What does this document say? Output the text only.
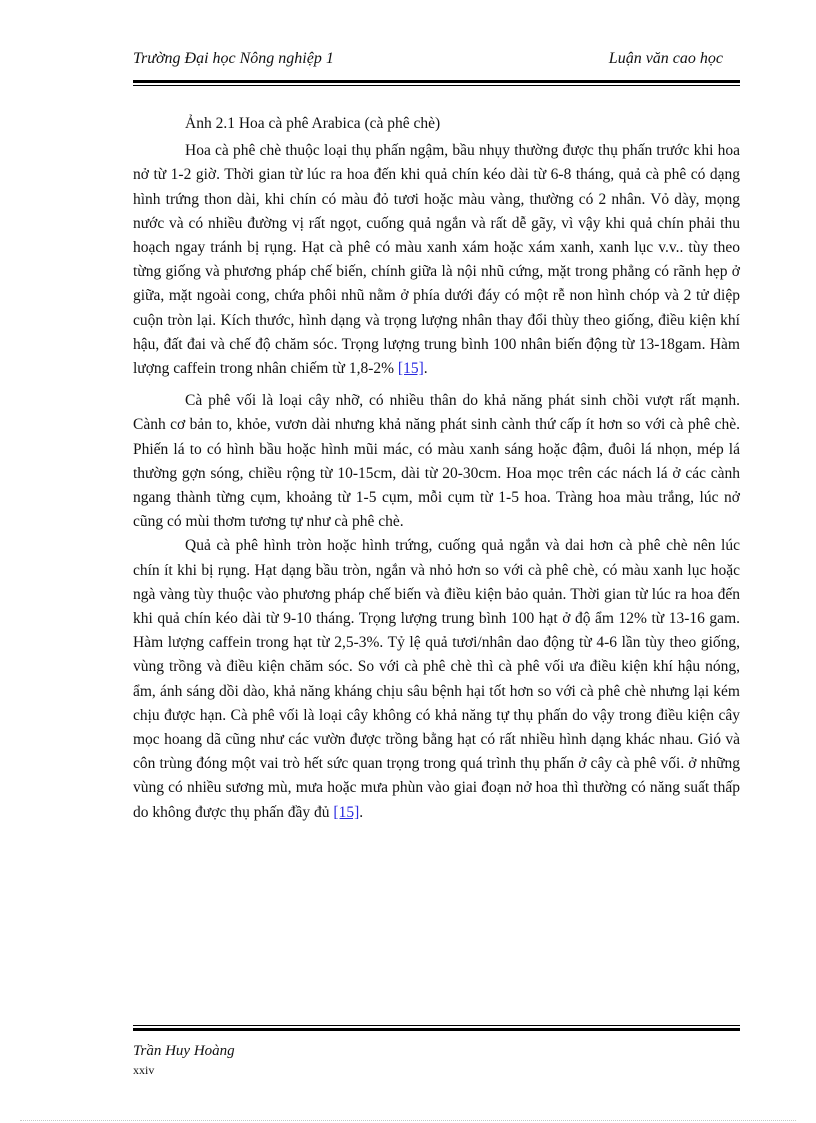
Trường Đại học Nông nghiệp 1	Luận văn cao học

Ảnh 2.1 Hoa cà phê Arabica (cà phê chè)

Hoa cà phê chè thuộc loại thụ phấn ngậm, bầu nhụy thường được thụ phấn trước khi hoa nở từ 1-2 giờ. Thời gian từ lúc ra hoa đến khi quả chín kéo dài từ 6-8 tháng, quả cà phê có dạng hình trứng thon dài, khi chín có màu đỏ tươi hoặc màu vàng, thường có 2 nhân. Vỏ dày, mọng nước và có nhiều đường vị rất ngọt, cuống quả ngắn và rất dễ gãy, vì vậy khi quả chín phải thu hoạch ngay tránh bị rụng. Hạt cà phê có màu xanh xám hoặc xám xanh, xanh lục v.v.. tùy theo từng giống và phương pháp chế biến, chính giữa là nội nhũ cứng, mặt trong phẳng có rãnh hẹp ở giữa, mặt ngoài cong, chứa phôi nhũ nằm ở phía dưới đáy có một rễ non hình chóp và 2 tử diệp cuộn tròn lại. Kích thước, hình dạng và trọng lượng nhân thay đổi thùy theo giống, điều kiện khí hậu, đất đai và chế độ chăm sóc. Trọng lượng trung bình 100 nhân biến động từ 13-18gam. Hàm lượng caffein trong nhân chiếm từ 1,8-2% [15].

Cà phê vối là loại cây nhỡ, có nhiều thân do khả năng phát sinh chồi vượt rất mạnh. Cành cơ bản to, khỏe, vươn dài nhưng khả năng phát sinh cành thứ cấp ít hơn so với cà phê chè. Phiến lá to có hình bầu hoặc hình mũi mác, có màu xanh sáng hoặc đậm, đuôi lá nhọn, mép lá thường gợn sóng, chiều rộng từ 10-15cm, dài từ 20-30cm. Hoa mọc trên các nách lá ở các cành ngang thành từng cụm, khoảng từ 1-5 cụm, mỗi cụm từ 1-5 hoa. Tràng hoa màu trắng, lúc nở cũng có mùi thơm tương tự như cà phê chè.

Quả cà phê hình tròn hoặc hình trứng, cuống quả ngắn và dai hơn cà phê chè nên lúc chín ít khi bị rụng. Hạt dạng bầu tròn, ngắn và nhỏ hơn so với cà phê chè, có màu xanh lục hoặc ngà vàng tùy thuộc vào phương pháp chế biến và điều kiện bảo quản. Thời gian từ lúc ra hoa đến khi quả chín kéo dài từ 9-10 tháng. Trọng lượng trung bình 100 hạt ở độ ẩm 12% từ 13-16 gam. Hàm lượng caffein trong hạt từ 2,5-3%. Tỷ lệ quả tươi/nhân dao động từ 4-6 lần tùy theo giống, vùng trồng và điều kiện chăm sóc. So với cà phê chè thì cà phê vối ưa điều kiện khí hậu nóng, ẩm, ánh sáng dồi dào, khả năng kháng chịu sâu bệnh hại tốt hơn so với cà phê chè nhưng lại kém chịu được hạn. Cà phê vối là loại cây không có khả năng tự thụ phấn do vậy trong điều kiện cây mọc hoang dã cũng như các vườn được trồng bằng hạt có rất nhiều hình dạng khác nhau. Gió và côn trùng đóng một vai trò hết sức quan trọng trong quá trình thụ phấn ở cây cà phê vối. ở những vùng có nhiều sương mù, mưa hoặc mưa phùn vào giai đoạn nở hoa thì thường có năng suất thấp do không được thụ phấn đầy đủ [15].

Trần Huy Hoàng
xxiv
